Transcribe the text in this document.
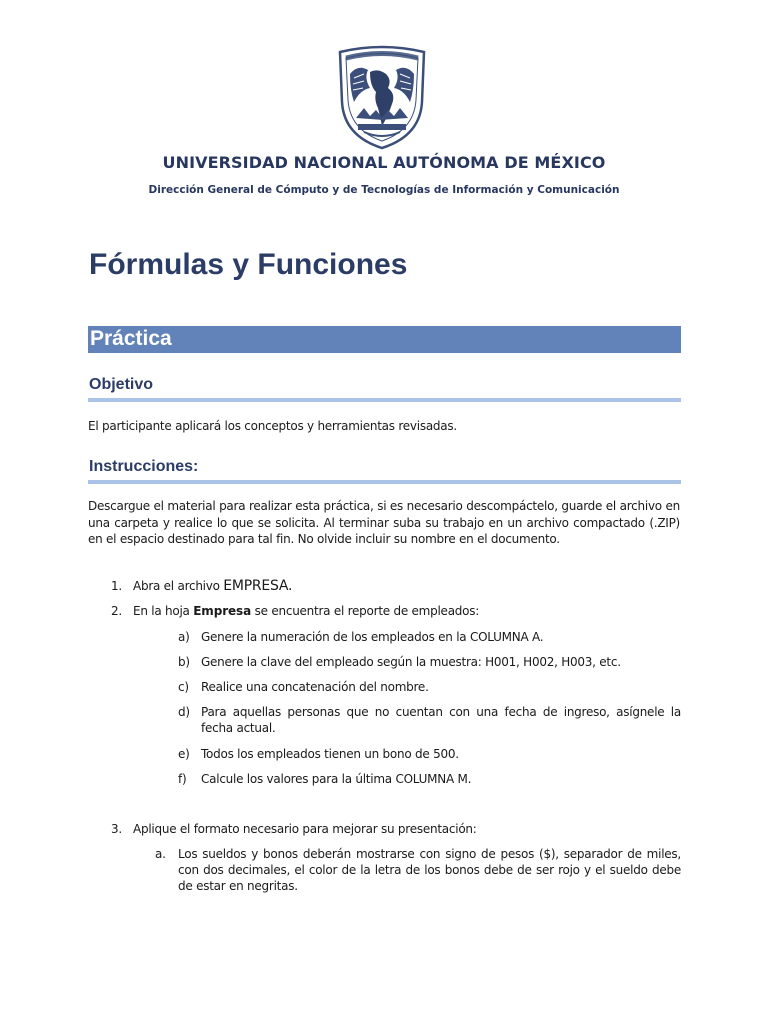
UNIVERSIDAD NACIONAL AUTÓNOMA DE MÉXICO
Dirección General de Cómputo y de Tecnologías de Información y Comunicación
Fórmulas y Funciones
Práctica
Objetivo
El participante aplicará los conceptos y herramientas revisadas.
Instrucciones:
Descargue el material para realizar esta práctica, si es necesario descompáctelo, guarde el archivo en una carpeta y realice lo que se solicita. Al terminar suba su trabajo en un archivo compactado (.ZIP) en el espacio destinado para tal fin. No olvide incluir su nombre en el documento.
1. Abra el archivo EMPRESA.
2. En la hoja Empresa se encuentra el reporte de empleados:
a) Genere la numeración de los empleados en la COLUMNA A.
b) Genere la clave del empleado según la muestra: H001, H002, H003, etc.
c) Realice una concatenación del nombre.
d) Para aquellas personas que no cuentan con una fecha de ingreso, asígnele la fecha actual.
e) Todos los empleados tienen un bono de 500.
f) Calcule los valores para la última COLUMNA M.
3. Aplique el formato necesario para mejorar su presentación:
a. Los sueldos y bonos deberán mostrarse con signo de pesos ($), separador de miles, con dos decimales, el color de la letra de los bonos debe de ser rojo y el sueldo debe de estar en negritas.
